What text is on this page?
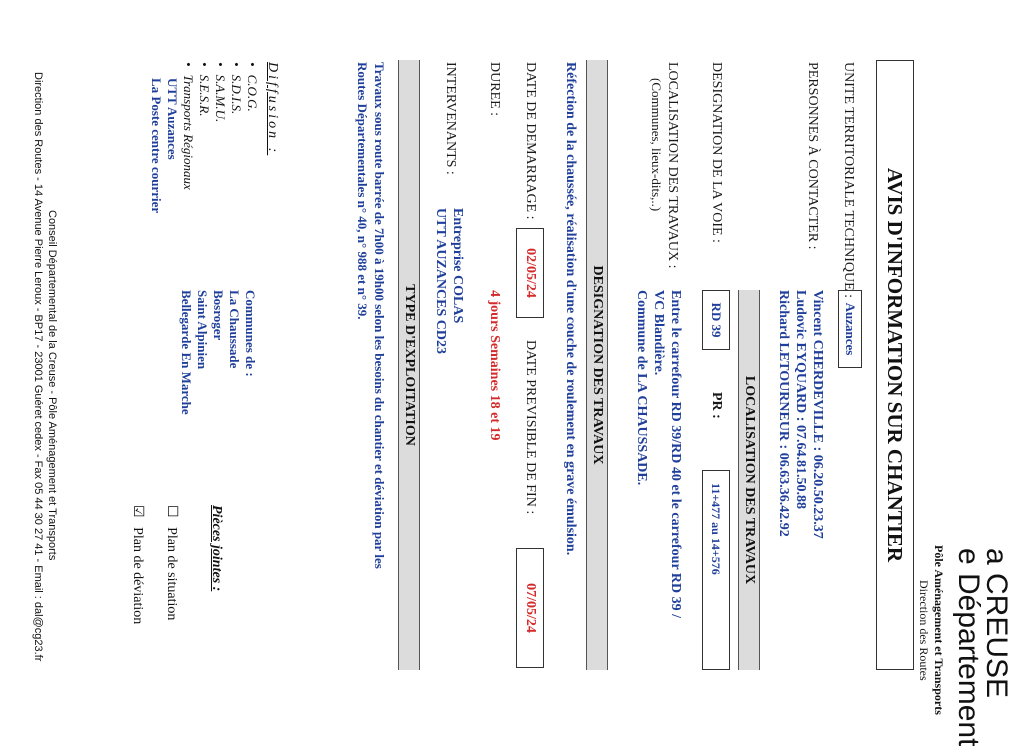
a CREUSE
e Département
Pôle Aménagement et Transports
Direction des Routes
AVIS D'INFORMATION SUR CHANTIER
UNITE TERRITORIALE TECHNIQUE :
Auzances
PERSONNES À CONTACTER :
Vincent CHERDEVILLE : 06.20.50.23.37
Ludovic EYQUARD : 07.64.81.50.88
Richard LETOURNEUR : 06.63.36.42.92
LOCALISATION DES TRAVAUX
DESIGNATION DE LA VOIE :
RD 39
PR :
11+477 au 14+576
LOCALISATION DES TRAVAUX :
(Communes, lieux-dits,..)
Entre le carrefour RD 39/RD 40 et le carrefour RD 39 /
VC Blandière.
Commune de LA CHAUSSADE.
DESIGNATION DES TRAVAUX
Réfection de la chaussée, réalisation d'une couche de roulement en grave émulsion.
DATE DE DEMARRAGE :
02/05/24
DATE PREVISIBLE DE FIN :
07/05/24
DUREE :
4 jours Semaines 18 et 19
INTERVENANTS :
Entreprise COLAS
UTT AUZANCES CD23
TYPE D'EXPLOITATION
Travaux sous route barrée de 7h00 à 19h00 selon les besoins du chantier et déviation par les
Routes Départementales n° 40, n° 988 et n° 39.
Diffusion :
• C.O.G.
• S.D.I.S.
• S.A.M.U.
• S.E.S.R.
• Transports Régionaux
UTT Auzances
La Poste centre courrier
Communes de :
La Chaussade
Bosroger
Saint Alpinien
Bellegarde En Marche
Pièces jointes :
☐ Plan de situation
☑ Plan de déviation
Conseil Départemental de la Creuse - Pôle Aménagement et Transports
Direction des Routes - 14 Avenue Pierre Leroux - BP17 - 23001 Guéret cedex - Fax 05 44 30 27 41 - Email : dal@cg23.fr
